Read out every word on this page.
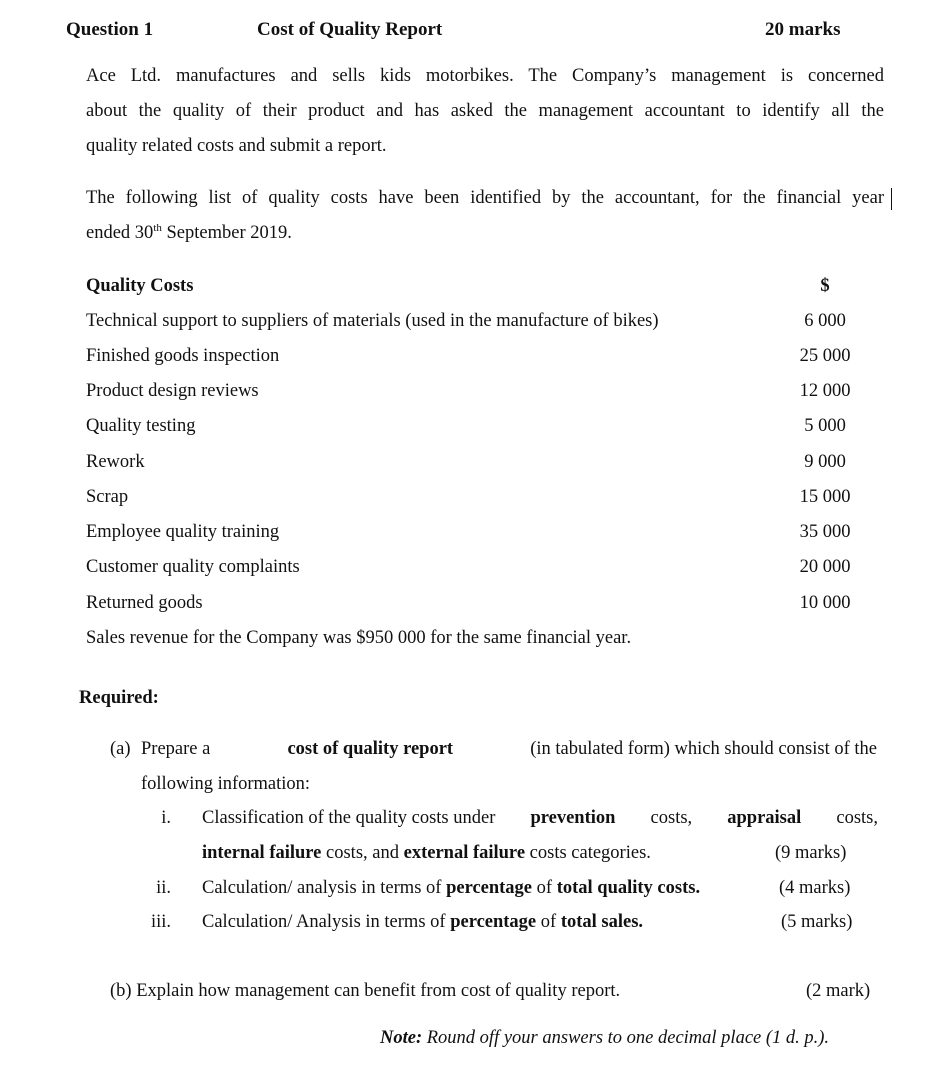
Question 1	Cost of Quality Report	20 marks
Ace Ltd. manufactures and sells kids motorbikes. The Company’s management is concerned
about the quality of their product and has asked the management accountant to identify all the
quality related costs and submit a report.
The following list of quality costs have been identified by the accountant, for the financial year
ended 30th September 2019.
Quality Costs	$
Technical support to suppliers of materials (used in the manufacture of bikes)	6 000
Finished goods inspection	25 000
Product design reviews	12 000
Quality testing	5 000
Rework	9 000
Scrap	15 000
Employee quality training	35 000
Customer quality complaints	20 000
Returned goods	10 000
Sales revenue for the Company was $950 000 for the same financial year.
Required:
(a) Prepare a	cost of quality report	(in tabulated form) which should consist of the
following information:
i. Classification of the quality costs under prevention costs, appraisal costs,
internal failure costs, and external failure costs categories.	(9 marks)
ii. Calculation/ analysis in terms of percentage of total quality costs.	(4 marks)
iii. Calculation/ Analysis in terms of percentage of total sales.	(5 marks)
(b) Explain how management can benefit from cost of quality report.	(2 mark)
Note: Round off your answers to one decimal place (1 d. p.).
